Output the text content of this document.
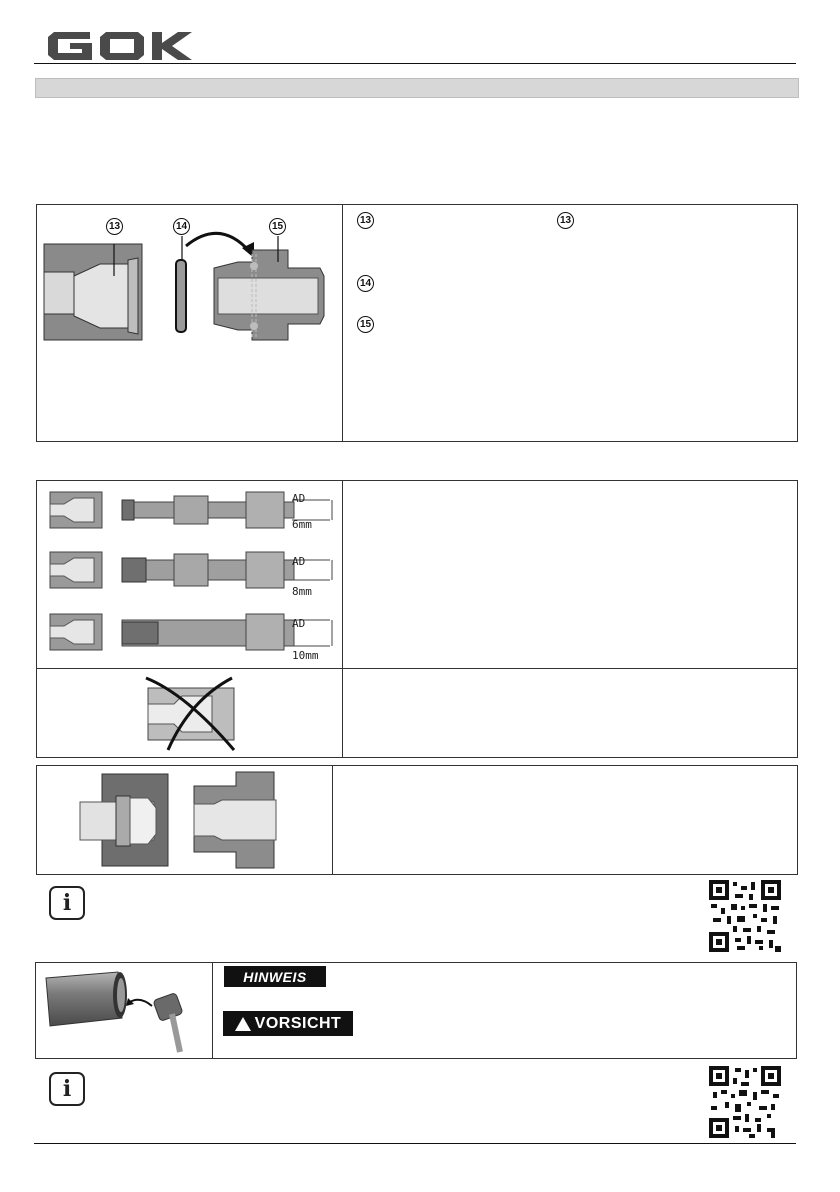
13	14	15
13	13
14
15
AD
6mm
AD
8mm
AD
10mm
i
HINWEIS
VORSICHT
i
